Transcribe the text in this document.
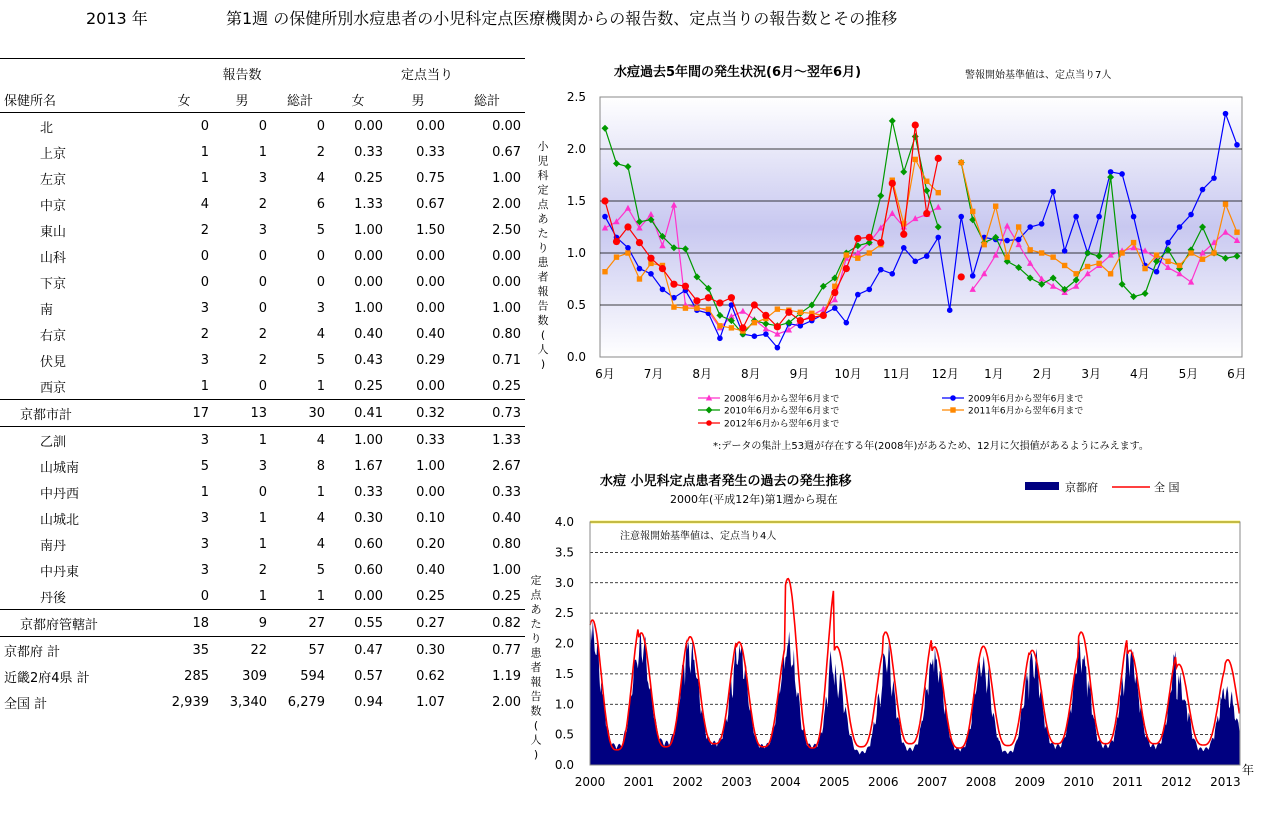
2013 年	第1週 の保健所別水痘患者の小児科定点医療機関からの報告数、定点当りの報告数とその推移
	報告数			定点当り		
保健所名	女	男	総計	女	男	総計
北	0	0	0	0.00	0.00	0.00
上京	1	1	2	0.33	0.33	0.67
左京	1	3	4	0.25	0.75	1.00
中京	4	2	6	1.33	0.67	2.00
東山	2	3	5	1.00	1.50	2.50
山科	0	0	0	0.00	0.00	0.00
下京	0	0	0	0.00	0.00	0.00
南	3	0	3	1.00	0.00	1.00
右京	2	2	4	0.40	0.40	0.80
伏見	3	2	5	0.43	0.29	0.71
西京	1	0	1	0.25	0.00	0.25
京都市計	17	13	30	0.41	0.32	0.73
乙訓	3	1	4	1.00	0.33	1.33
山城南	5	3	8	1.67	1.00	2.67
中丹西	1	0	1	0.33	0.00	0.33
山城北	3	1	4	0.30	0.10	0.40
南丹	3	1	4	0.60	0.20	0.80
中丹東	3	2	5	0.60	0.40	1.00
丹後	0	1	1	0.00	0.25	0.25
京都府管轄計	18	9	27	0.55	0.27	0.82
京都府 計	35	22	57	0.47	0.30	0.77
近畿2府4県 計	285	309	594	0.57	0.62	1.19
全国 計	2,939	3,340	6,279	0.94	1.07	2.00
0.0
0.5
1.0
1.5
2.0
2.5
6月 7月 8月 8月 9月 10月 11月 12月 1月 2月 3月 4月 5月 6月
水痘過去5年間の発生状況(6月～翌年6月)	警報開始基準値は、定点当り7人
小
児
科
定
点
あ
た
り
患
者
報
告
数
(
人
)
2008年6月から翌年6月まで	2009年6月から翌年6月まで
2010年6月から翌年6月まで	2011年6月から翌年6月まで
2012年6月から翌年6月まで
*:データの集計上53週が存在する年(2008年)があるため、12月に欠損値があるようにみえます。
0.0
0.5
1.0
1.5
2.0
2.5
3.0
3.5
4.0
2000 2001 2002 2003 2004 2005 2006 2007 2008 2009 2010 2011 2012 2013
年
水痘 小児科定点患者発生の過去の発生推移
2000年(平成12年)第1週から現在
注意報開始基準値は、定点当り4人
定
点
あ
た
り
患
者
報
告
数
(
人
)
京都府	全 国
